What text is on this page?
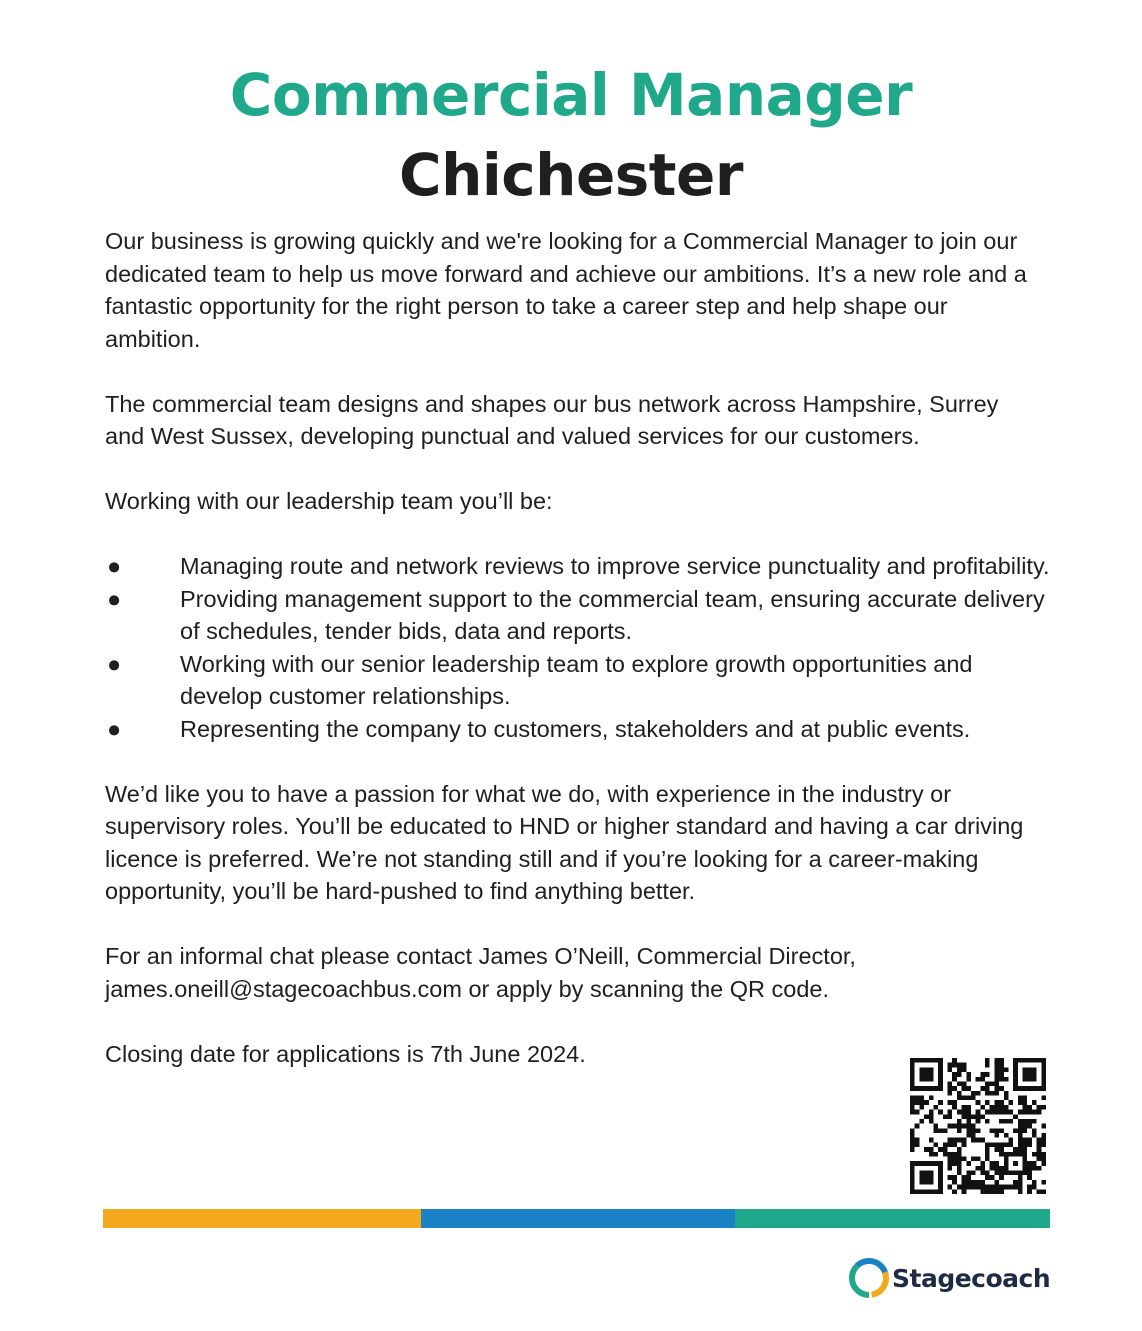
Commercial Manager
Chichester

Our business is growing quickly and we're looking for a Commercial Manager to join our dedicated team to help us move forward and achieve our ambitions. It’s a new role and a fantastic opportunity for the right person to take a career step and help shape our ambition.

The commercial team designs and shapes our bus network across Hampshire, Surrey and West Sussex, developing punctual and valued services for our customers.

Working with our leadership team you’ll be:

●	Managing route and network reviews to improve service punctuality and profitability.
●	Providing management support to the commercial team, ensuring accurate delivery of schedules, tender bids, data and reports.
●	Working with our senior leadership team to explore growth opportunities and develop customer relationships.
●	Representing the company to customers, stakeholders and at public events.

We’d like you to have a passion for what we do, with experience in the industry or supervisory roles. You’ll be educated to HND or higher standard and having a car driving licence is preferred. We’re not standing still and if you’re looking for a career-making opportunity, you’ll be hard-pushed to find anything better.

For an informal chat please contact James O’Neill, Commercial Director, james.oneill@stagecoachbus.com or apply by scanning the QR code.

Closing date for applications is 7th June 2024.

Stagecoach
